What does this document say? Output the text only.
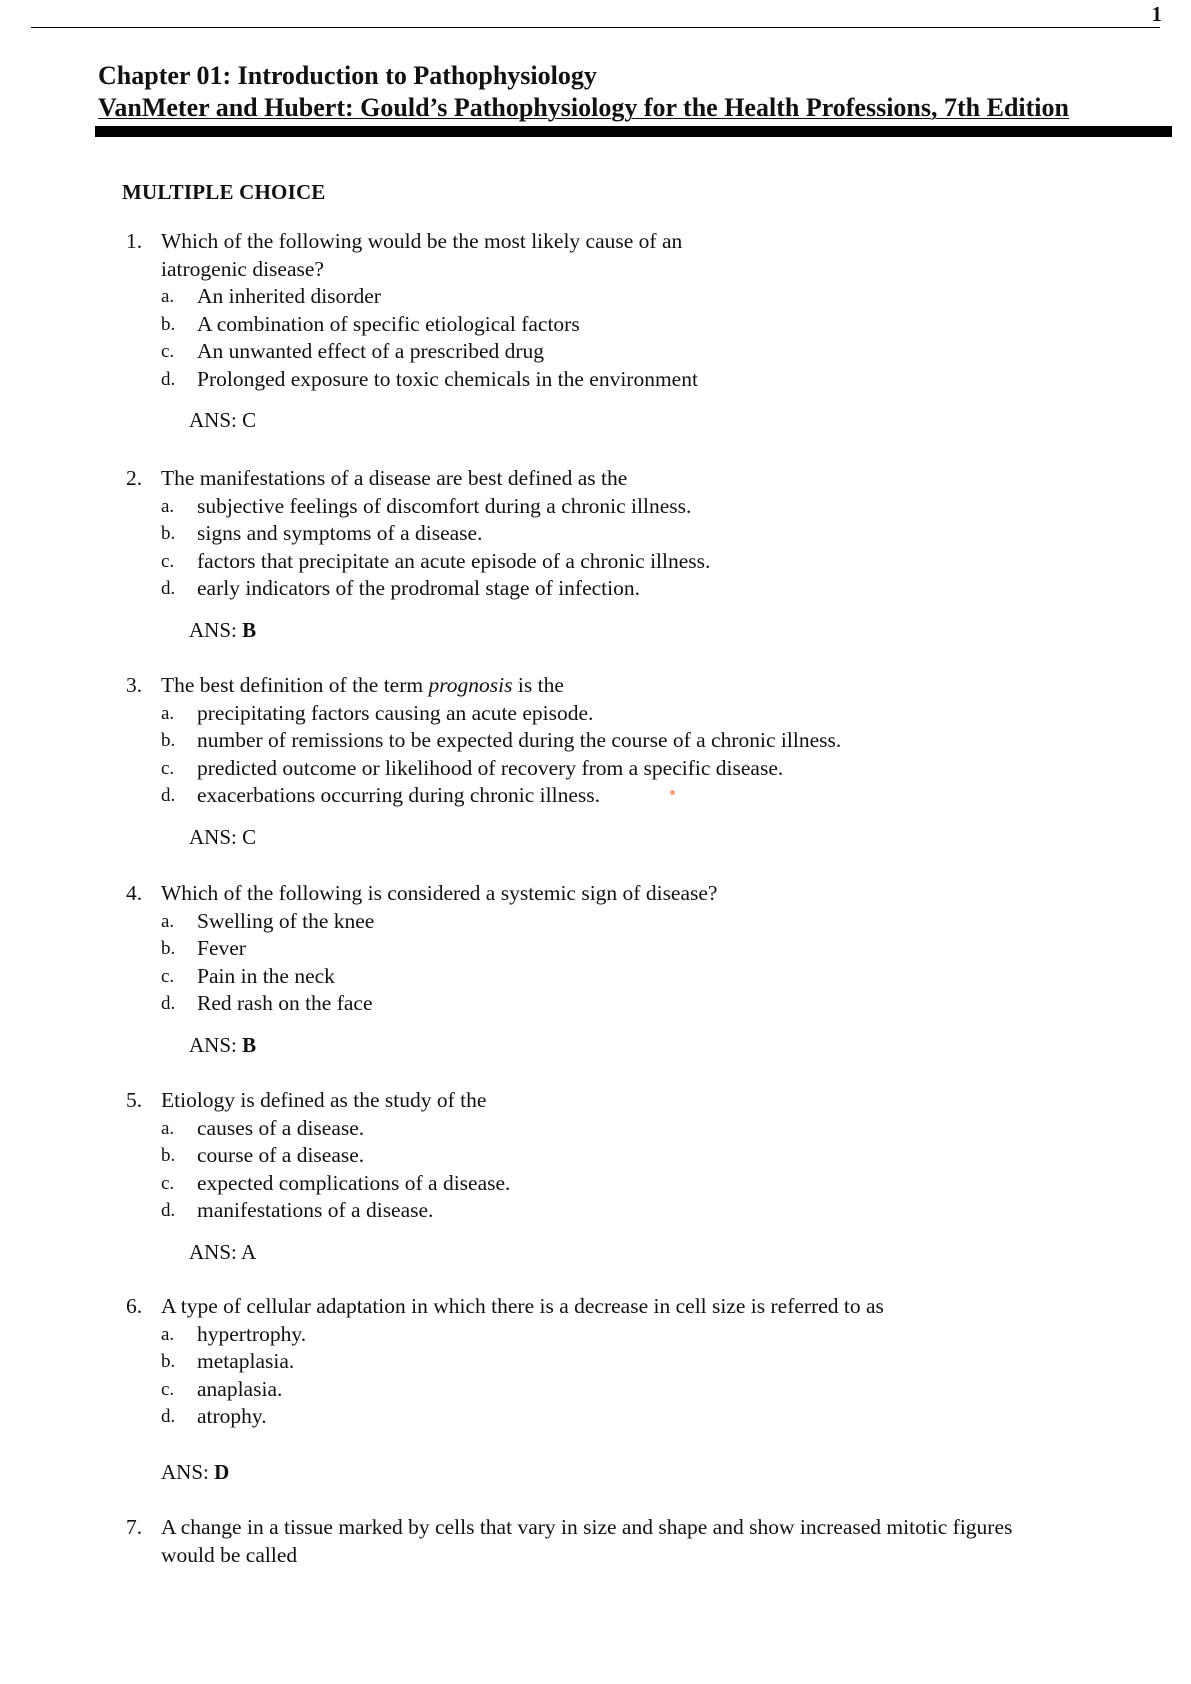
1
Chapter 01: Introduction to Pathophysiology
VanMeter and Hubert: Gould’s Pathophysiology for the Health Professions, 7th Edition
MULTIPLE CHOICE
1. Which of the following would be the most likely cause of an iatrogenic disease?
a.	An inherited disorder
b.	A combination of specific etiological factors
c.	An unwanted effect of a prescribed drug
d.	Prolonged exposure to toxic chemicals in the environment
ANS: C
2. The manifestations of a disease are best defined as the
a.	subjective feelings of discomfort during a chronic illness.
b.	signs and symptoms of a disease.
c.	factors that precipitate an acute episode of a chronic illness.
d.	early indicators of the prodromal stage of infection.
ANS: B
3. The best definition of the term prognosis is the
a.	precipitating factors causing an acute episode.
b.	number of remissions to be expected during the course of a chronic illness.
c.	predicted outcome or likelihood of recovery from a specific disease.
d.	exacerbations occurring during chronic illness.
ANS: C
4. Which of the following is considered a systemic sign of disease?
a.	Swelling of the knee
b.	Fever
c.	Pain in the neck
d.	Red rash on the face
ANS: B
5. Etiology is defined as the study of the
a.	causes of a disease.
b.	course of a disease.
c.	expected complications of a disease.
d.	manifestations of a disease.
ANS: A
6. A type of cellular adaptation in which there is a decrease in cell size is referred to as
a.	hypertrophy.
b.	metaplasia.
c.	anaplasia.
d.	atrophy.
ANS: D
7. A change in a tissue marked by cells that vary in size and shape and show increased mitotic figures would be called
